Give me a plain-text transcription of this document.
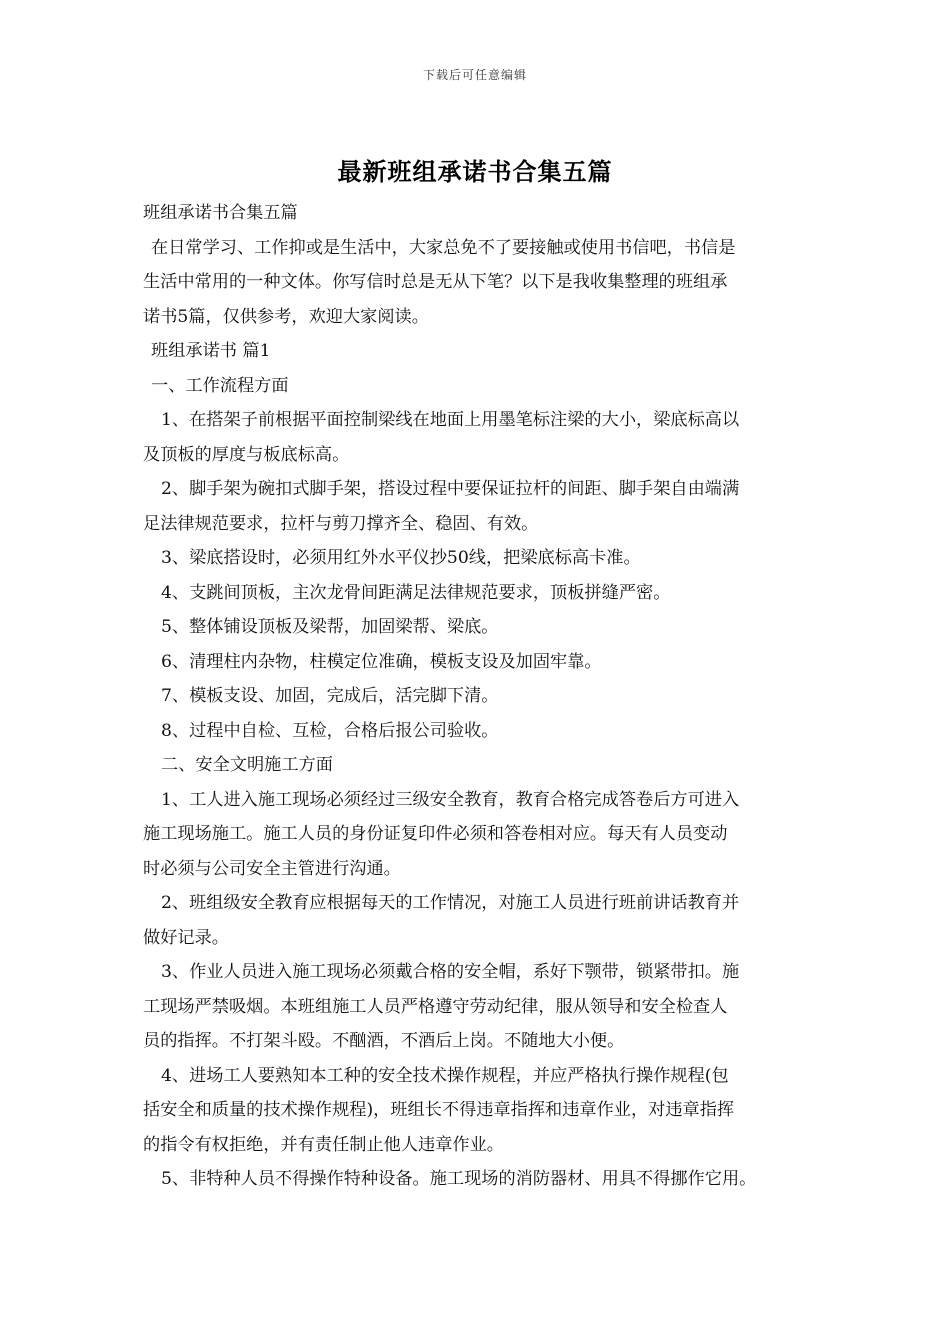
下载后可任意编辑
最新班组承诺书合集五篇
班组承诺书合集五篇
在日常学习、工作抑或是生活中，大家总免不了要接触或使用书信吧，书信是
生活中常用的一种文体。你写信时总是无从下笔？以下是我收集整理的班组承
诺书5篇，仅供参考，欢迎大家阅读。
班组承诺书 篇1
一、工作流程方面
1、在搭架子前根据平面控制梁线在地面上用墨笔标注梁的大小，梁底标高以
及顶板的厚度与板底标高。
2、脚手架为碗扣式脚手架，搭设过程中要保证拉杆的间距、脚手架自由端满
足法律规范要求，拉杆与剪刀撑齐全、稳固、有效。
3、梁底搭设时，必须用红外水平仪抄50线，把梁底标高卡准。
4、支跳间顶板，主次龙骨间距满足法律规范要求，顶板拼缝严密。
5、整体铺设顶板及梁帮，加固梁帮、梁底。
6、清理柱内杂物，柱模定位准确，模板支设及加固牢靠。
7、模板支设、加固，完成后，活完脚下清。
8、过程中自检、互检，合格后报公司验收。
二、安全文明施工方面
1、工人进入施工现场必须经过三级安全教育，教育合格完成答卷后方可进入
施工现场施工。施工人员的身份证复印件必须和答卷相对应。每天有人员变动
时必须与公司安全主管进行沟通。
2、班组级安全教育应根据每天的工作情况，对施工人员进行班前讲话教育并
做好记录。
3、作业人员进入施工现场必须戴合格的安全帽，系好下颚带，锁紧带扣。施
工现场严禁吸烟。本班组施工人员严格遵守劳动纪律，服从领导和安全检查人
员的指挥。不打架斗殴。不酗酒，不酒后上岗。不随地大小便。
4、进场工人要熟知本工种的安全技术操作规程，并应严格执行操作规程(包
括安全和质量的技术操作规程)，班组长不得违章指挥和违章作业，对违章指挥
的指令有权拒绝，并有责任制止他人违章作业。
5、非特种人员不得操作特种设备。施工现场的消防器材、用具不得挪作它用。
